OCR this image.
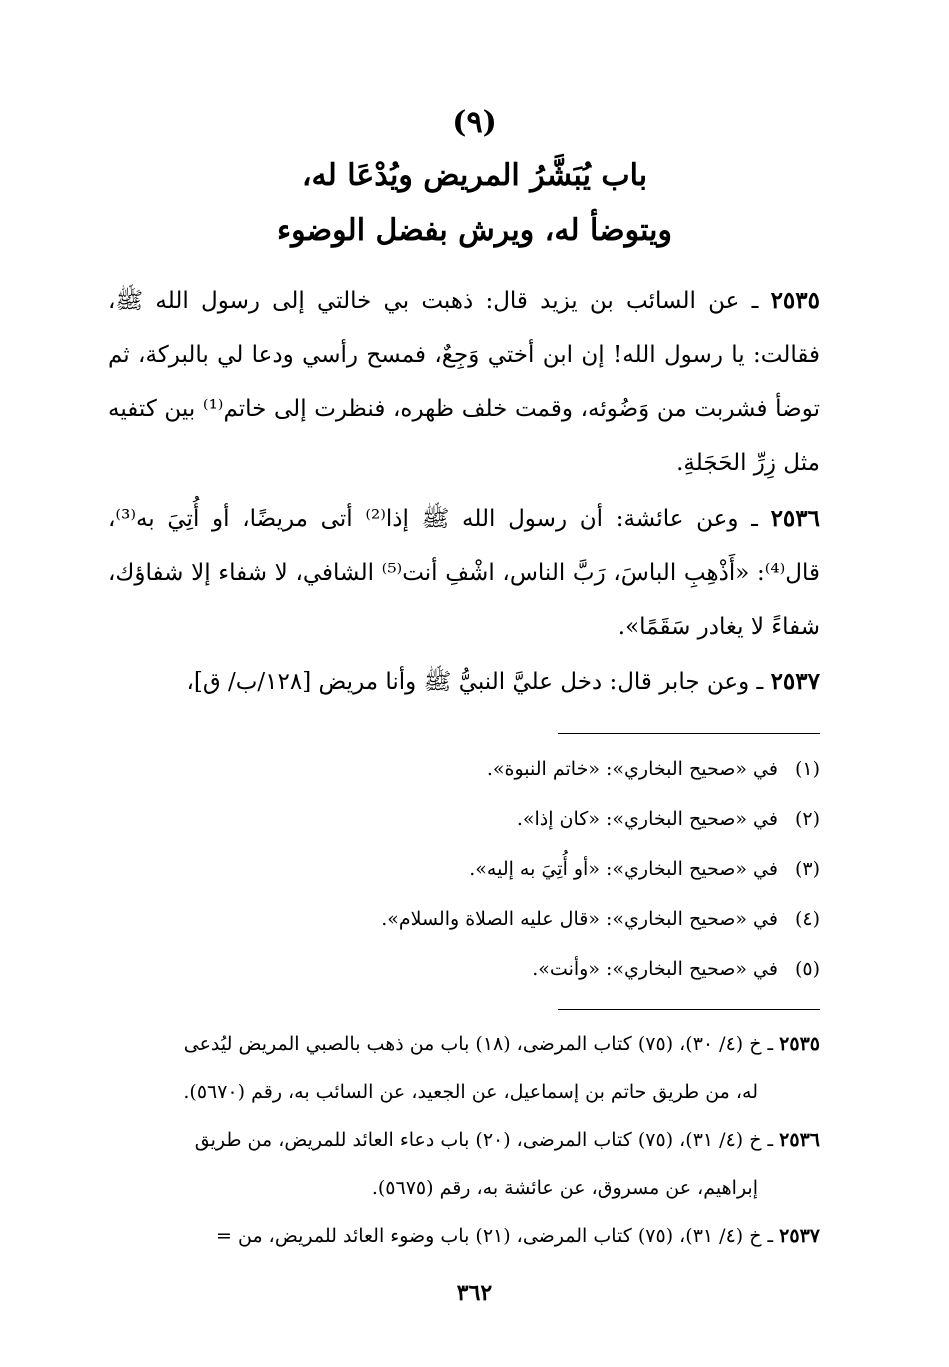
(٩)
باب يُبَشَّرُ المريض ويُدْعَا له،
ويتوضأ له، ويرش بفضل الوضوء
٢٥٣٥ ـ عن السائب بن يزيد قال: ذهبت بي خالتي إلى رسول الله ﷺ، فقالت: يا رسول الله! إن ابن أختي وَجِعٌ، فمسح رأسي ودعا لي بالبركة، ثم توضأ فشربت من وَضُوئه، وقمت خلف ظهره، فنظرت إلى خاتم⁽¹⁾ بين كتفيه مثل زِرِّ الحَجَلةِ.
٢٥٣٦ ـ وعن عائشة: أن رسول الله ﷺ إذا⁽²⁾ أتى مريضًا، أو أُتِيَ به⁽³⁾، قال⁽⁴⁾: «أَذْهِبِ الباسَ، رَبَّ الناس، اشْفِ أنت⁽⁵⁾ الشافي، لا شفاء إلا شفاؤك، شفاءً لا يغادر سَقَمًا».
٢٥٣٧ ـ وعن جابر قال: دخل عليَّ النبيُّ ﷺ وأنا مريض [١٢٨/ب/ ق]،
(١) في «صحيح البخاري»: «خاتم النبوة».
(٢) في «صحيح البخاري»: «كان إذا».
(٣) في «صحيح البخاري»: «أو أُتِيَ به إليه».
(٤) في «صحيح البخاري»: «قال عليه الصلاة والسلام».
(٥) في «صحيح البخاري»: «وأنت».
٢٥٣٥ ـ خ (٤/ ٣٠)، (٧٥) كتاب المرضى، (١٨) باب من ذهب بالصبي المريض ليُدعى
له، من طريق حاتم بن إسماعيل، عن الجعيد، عن السائب به، رقم (٥٦٧٠).
٢٥٣٦ ـ خ (٤/ ٣١)، (٧٥) كتاب المرضى، (٢٠) باب دعاء العائد للمريض، من طريق
إبراهيم، عن مسروق، عن عائشة به، رقم (٥٦٧٥).
٢٥٣٧ ـ خ (٤/ ٣١)، (٧٥) كتاب المرضى، (٢١) باب وضوء العائد للمريض، من =
٣٦٢
